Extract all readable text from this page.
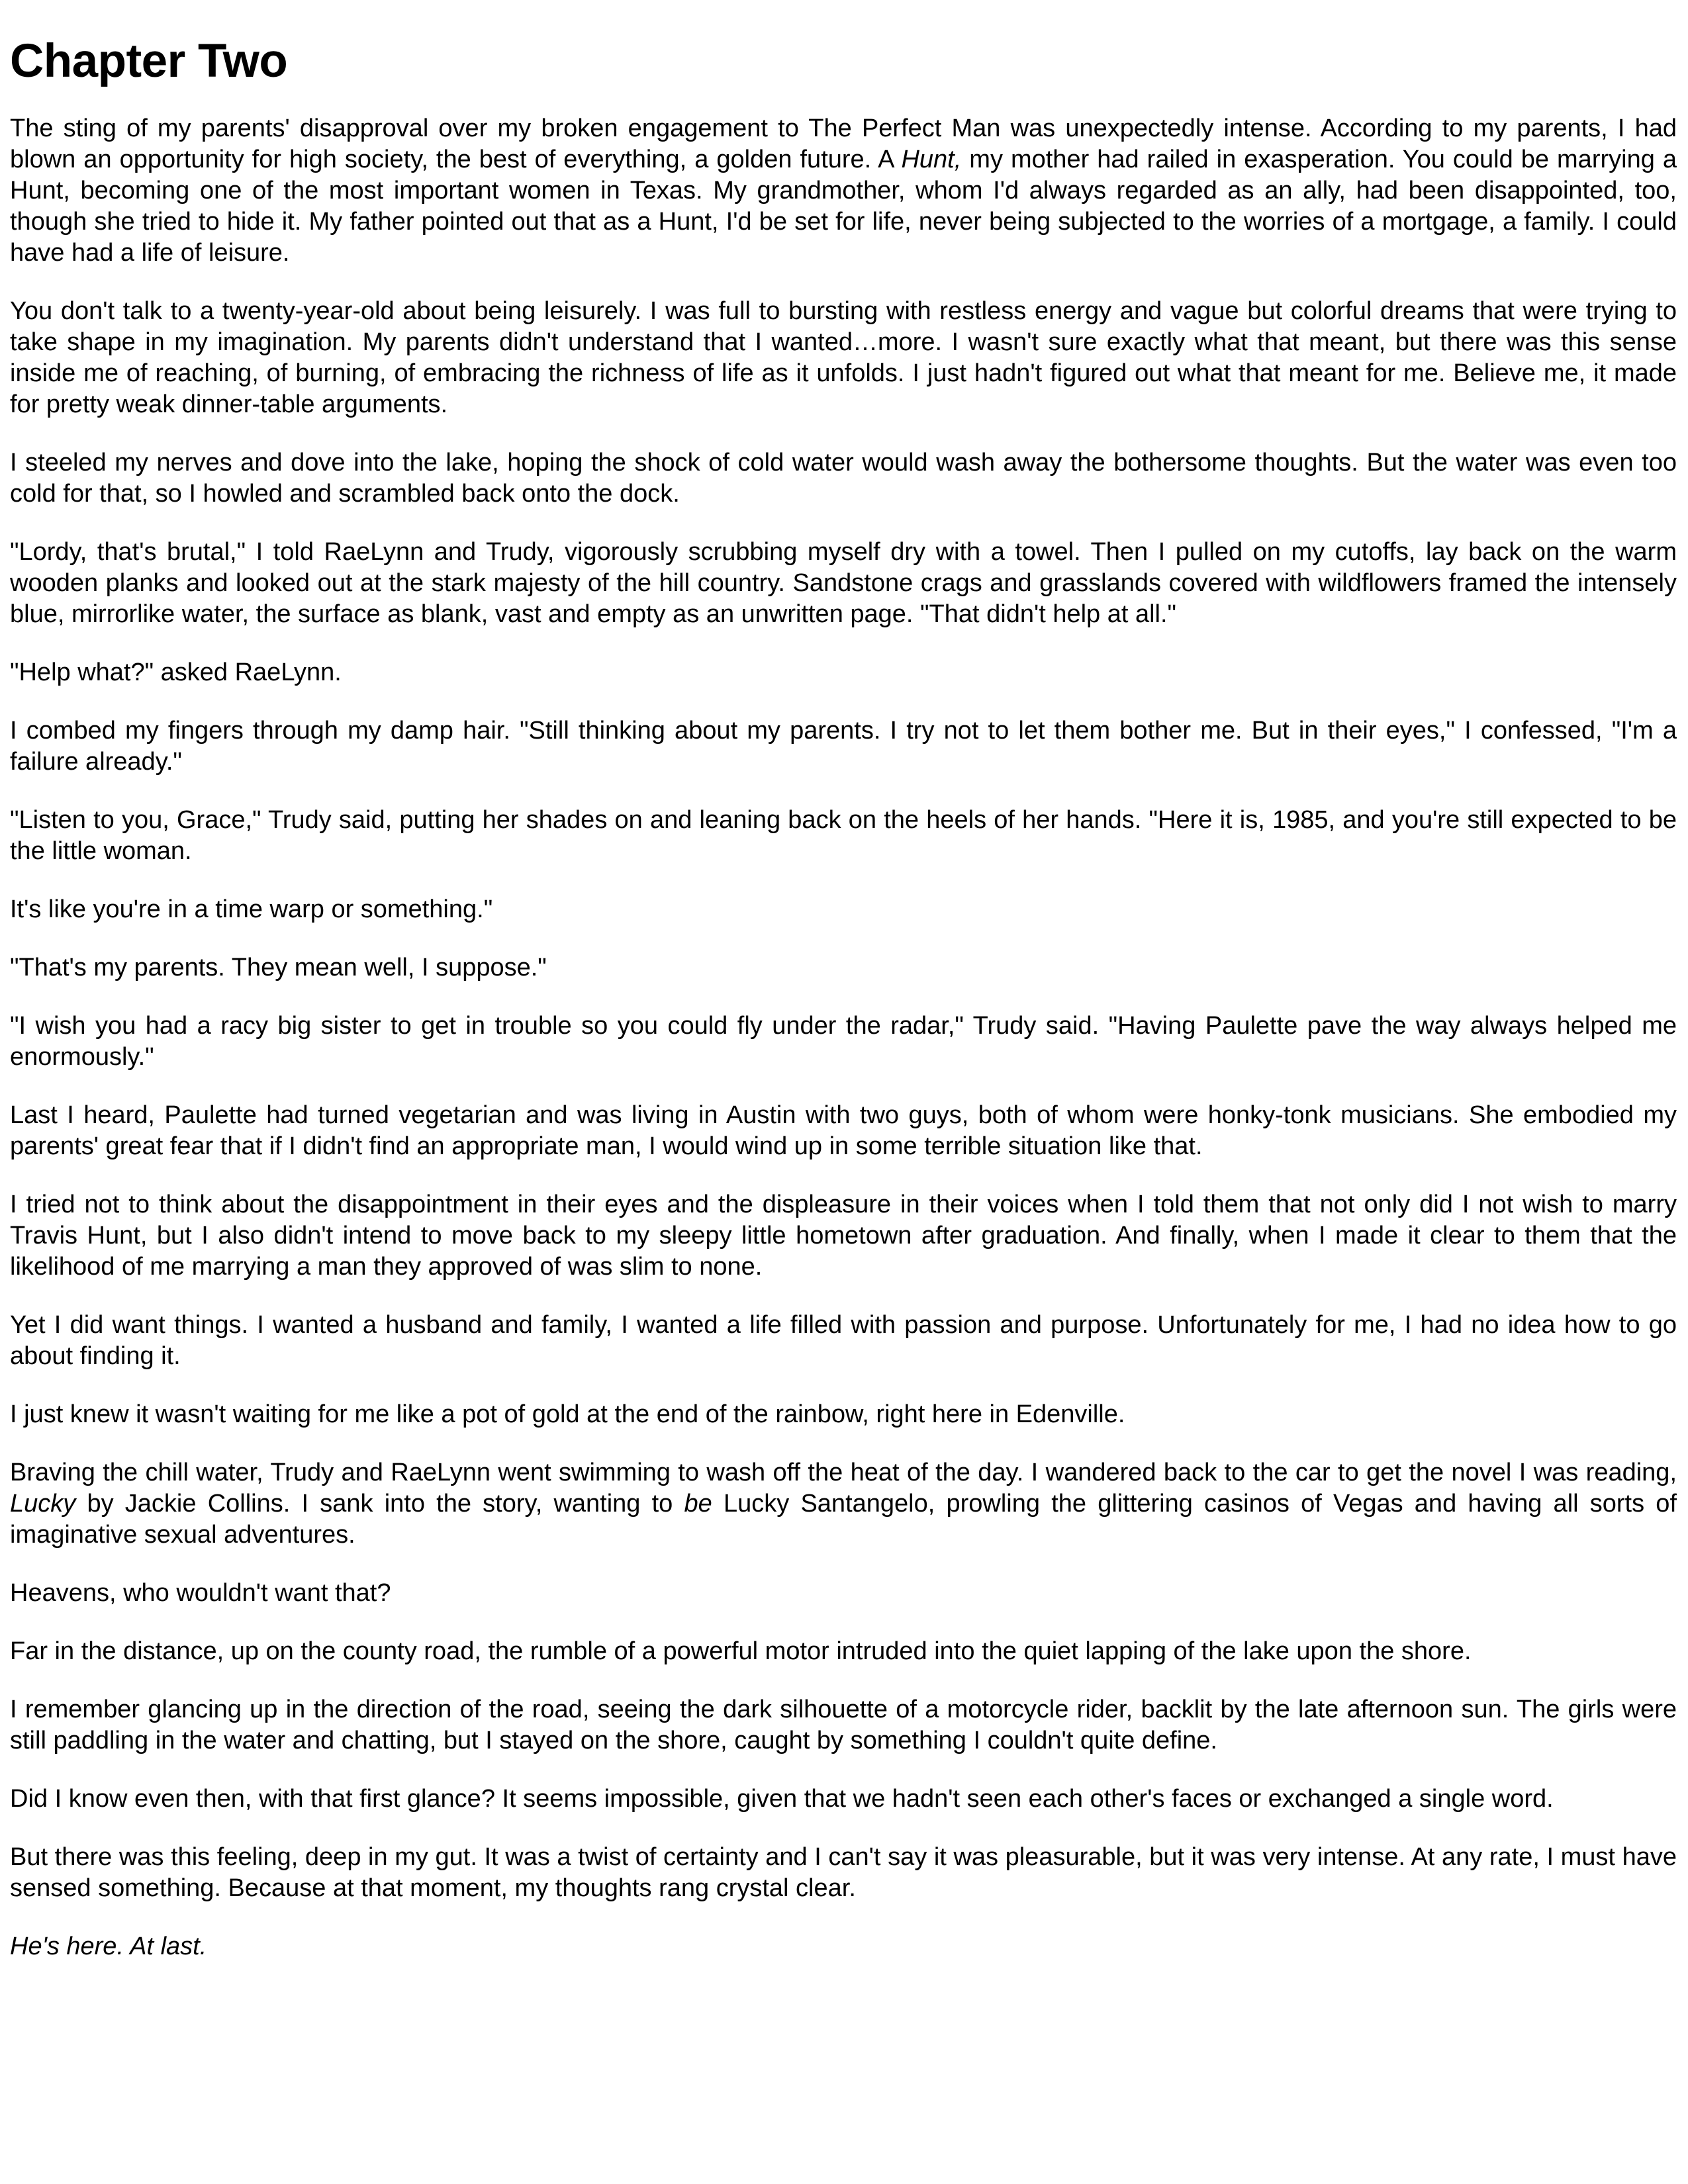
Chapter Two

The sting of my parents' disapproval over my broken engagement to The Perfect Man was unexpectedly intense. According to my parents, I had blown an opportunity for high society, the best of everything, a golden future. A Hunt, my mother had railed in exasperation. You could be marrying a Hunt, becoming one of the most important women in Texas. My grandmother, whom I'd always regarded as an ally, had been disappointed, too, though she tried to hide it. My father pointed out that as a Hunt, I'd be set for life, never being subjected to the worries of a mortgage, a family. I could have had a life of leisure.

You don't talk to a twenty-year-old about being leisurely. I was full to bursting with restless energy and vague but colorful dreams that were trying to take shape in my imagination. My parents didn't understand that I wanted…more. I wasn't sure exactly what that meant, but there was this sense inside me of reaching, of burning, of embracing the richness of life as it unfolds. I just hadn't figured out what that meant for me. Believe me, it made for pretty weak dinner-table arguments.

I steeled my nerves and dove into the lake, hoping the shock of cold water would wash away the bothersome thoughts. But the water was even too cold for that, so I howled and scrambled back onto the dock.

"Lordy, that's brutal," I told RaeLynn and Trudy, vigorously scrubbing myself dry with a towel. Then I pulled on my cutoffs, lay back on the warm wooden planks and looked out at the stark majesty of the hill country. Sandstone crags and grasslands covered with wildflowers framed the intensely blue, mirrorlike water, the surface as blank, vast and empty as an unwritten page. "That didn't help at all."

"Help what?" asked RaeLynn.

I combed my fingers through my damp hair. "Still thinking about my parents. I try not to let them bother me. But in their eyes," I confessed, "I'm a failure already."

"Listen to you, Grace," Trudy said, putting her shades on and leaning back on the heels of her hands. "Here it is, 1985, and you're still expected to be the little woman.

It's like you're in a time warp or something."

"That's my parents. They mean well, I suppose."

"I wish you had a racy big sister to get in trouble so you could fly under the radar," Trudy said. "Having Paulette pave the way always helped me enormously."

Last I heard, Paulette had turned vegetarian and was living in Austin with two guys, both of whom were honky-tonk musicians. She embodied my parents' great fear that if I didn't find an appropriate man, I would wind up in some terrible situation like that.

I tried not to think about the disappointment in their eyes and the displeasure in their voices when I told them that not only did I not wish to marry Travis Hunt, but I also didn't intend to move back to my sleepy little hometown after graduation. And finally, when I made it clear to them that the likelihood of me marrying a man they approved of was slim to none.

Yet I did want things. I wanted a husband and family, I wanted a life filled with passion and purpose. Unfortunately for me, I had no idea how to go about finding it.

I just knew it wasn't waiting for me like a pot of gold at the end of the rainbow, right here in Edenville.

Braving the chill water, Trudy and RaeLynn went swimming to wash off the heat of the day. I wandered back to the car to get the novel I was reading, Lucky by Jackie Collins. I sank into the story, wanting to be Lucky Santangelo, prowling the glittering casinos of Vegas and having all sorts of imaginative sexual adventures.

Heavens, who wouldn't want that?

Far in the distance, up on the county road, the rumble of a powerful motor intruded into the quiet lapping of the lake upon the shore.

I remember glancing up in the direction of the road, seeing the dark silhouette of a motorcycle rider, backlit by the late afternoon sun. The girls were still paddling in the water and chatting, but I stayed on the shore, caught by something I couldn't quite define.

Did I know even then, with that first glance? It seems impossible, given that we hadn't seen each other's faces or exchanged a single word.

But there was this feeling, deep in my gut. It was a twist of certainty and I can't say it was pleasurable, but it was very intense. At any rate, I must have sensed something. Because at that moment, my thoughts rang crystal clear.

He's here. At last.
